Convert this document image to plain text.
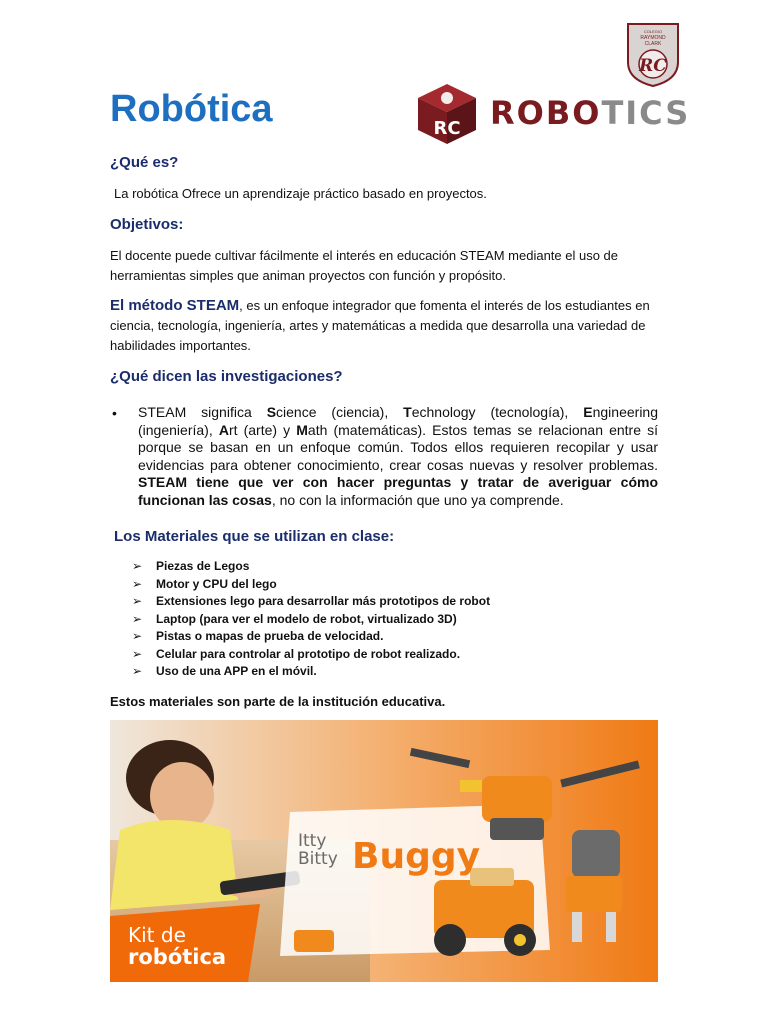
Robótica
COLEGIO
RAYMOND
CLARK
RC
RC ROBOTICS
¿Qué es?
La robótica Ofrece un aprendizaje práctico basado en proyectos.
Objetivos:
El docente puede cultivar fácilmente el interés en educación STEAM mediante el uso de herramientas simples que animan proyectos con función y propósito.
El método STEAM, es un enfoque integrador que fomenta el interés de los estudiantes en ciencia, tecnología, ingeniería, artes y matemáticas a medida que desarrolla una variedad de habilidades importantes.
¿Qué dicen las investigaciones?
• STEAM significa Science (ciencia), Technology (tecnología), Engineering (ingeniería), Art (arte) y Math (matemáticas). Estos temas se relacionan entre sí porque se basan en un enfoque común. Todos ellos requieren recopilar y usar evidencias para obtener conocimiento, crear cosas nuevas y resolver problemas. STEAM tiene que ver con hacer preguntas y tratar de averiguar cómo funcionan las cosas, no con la información que uno ya comprende.
Los Materiales que se utilizan en clase:
➢ Piezas de Legos
➢ Motor y CPU del lego
➢ Extensiones lego para desarrollar más prototipos de robot
➢ Laptop (para ver el modelo de robot, virtualizado 3D)
➢ Pistas o mapas de prueba de velocidad.
➢ Celular para controlar al prototipo de robot realizado.
➢ Uso de una APP en el móvil.
Estos materiales son parte de la institución educativa.
Kit de
robótica
Itty
Bitty Buggy
